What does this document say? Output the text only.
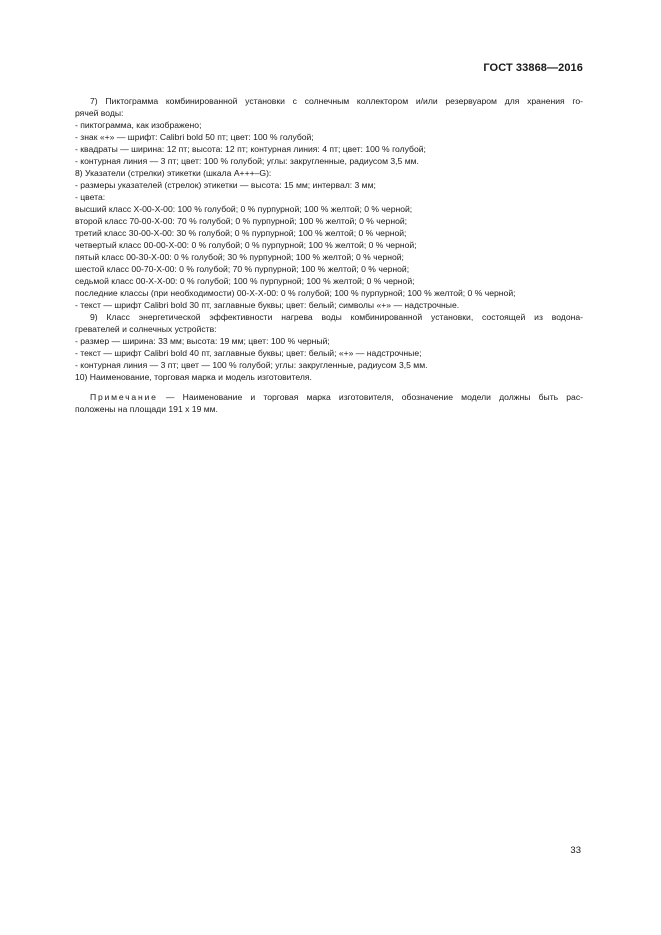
ГОСТ 33868—2016
7) Пиктограмма комбинированной установки с солнечным коллектором и/или резервуаром для хранения го-
рячей воды:
- пиктограмма, как изображено;
- знак «+» — шрифт: Calibri bold 50 пт; цвет: 100 % голубой;
- квадраты — ширина: 12 пт; высота: 12 пт; контурная линия: 4 пт; цвет: 100 % голубой;
- контурная линия — 3 пт; цвет: 100 % голубой; углы: закругленные, радиусом 3,5 мм.
8) Указатели (стрелки) этикетки (шкала A+++–G):
- размеры указателей (стрелок) этикетки — высота: 15 мм; интервал: 3 мм;
- цвета:
высший класс X-00-X-00: 100 % голубой; 0 % пурпурной; 100 % желтой; 0 % черной;
второй класс 70-00-X-00: 70 % голубой; 0 % пурпурной; 100 % желтой; 0 % черной;
третий класс 30-00-X-00: 30 % голубой; 0 % пурпурной; 100 % желтой; 0 % черной;
четвертый класс 00-00-X-00: 0 % голубой; 0 % пурпурной; 100 % желтой; 0 % черной;
пятый класс 00-30-X-00: 0 % голубой; 30 % пурпурной; 100 % желтой; 0 % черной;
шестой класс 00-70-X-00: 0 % голубой; 70 % пурпурной; 100 % желтой; 0 % черной;
седьмой класс 00-X-X-00: 0 % голубой; 100 % пурпурной; 100 % желтой; 0 % черной;
последние классы (при необходимости) 00-X-X-00: 0 % голубой; 100 % пурпурной; 100 % желтой; 0 % черной;
- текст — шрифт Calibri bold 30 пт, заглавные буквы; цвет: белый; символы «+» — надстрочные.
9) Класс энергетической эффективности нагрева воды комбинированной установки, состоящей из водона-
гревателей и солнечных устройств:
- размер — ширина: 33 мм; высота: 19 мм; цвет: 100 % черный;
- текст — шрифт Calibri bold 40 пт, заглавные буквы; цвет: белый; «+» — надстрочные;
- контурная линия — 3 пт; цвет — 100 % голубой; углы: закругленные, радиусом 3,5 мм.
10) Наименование, торговая марка и модель изготовителя.
Примечание — Наименование и торговая марка изготовителя, обозначение модели должны быть рас-
положены на площади 191 х 19 мм.
33
